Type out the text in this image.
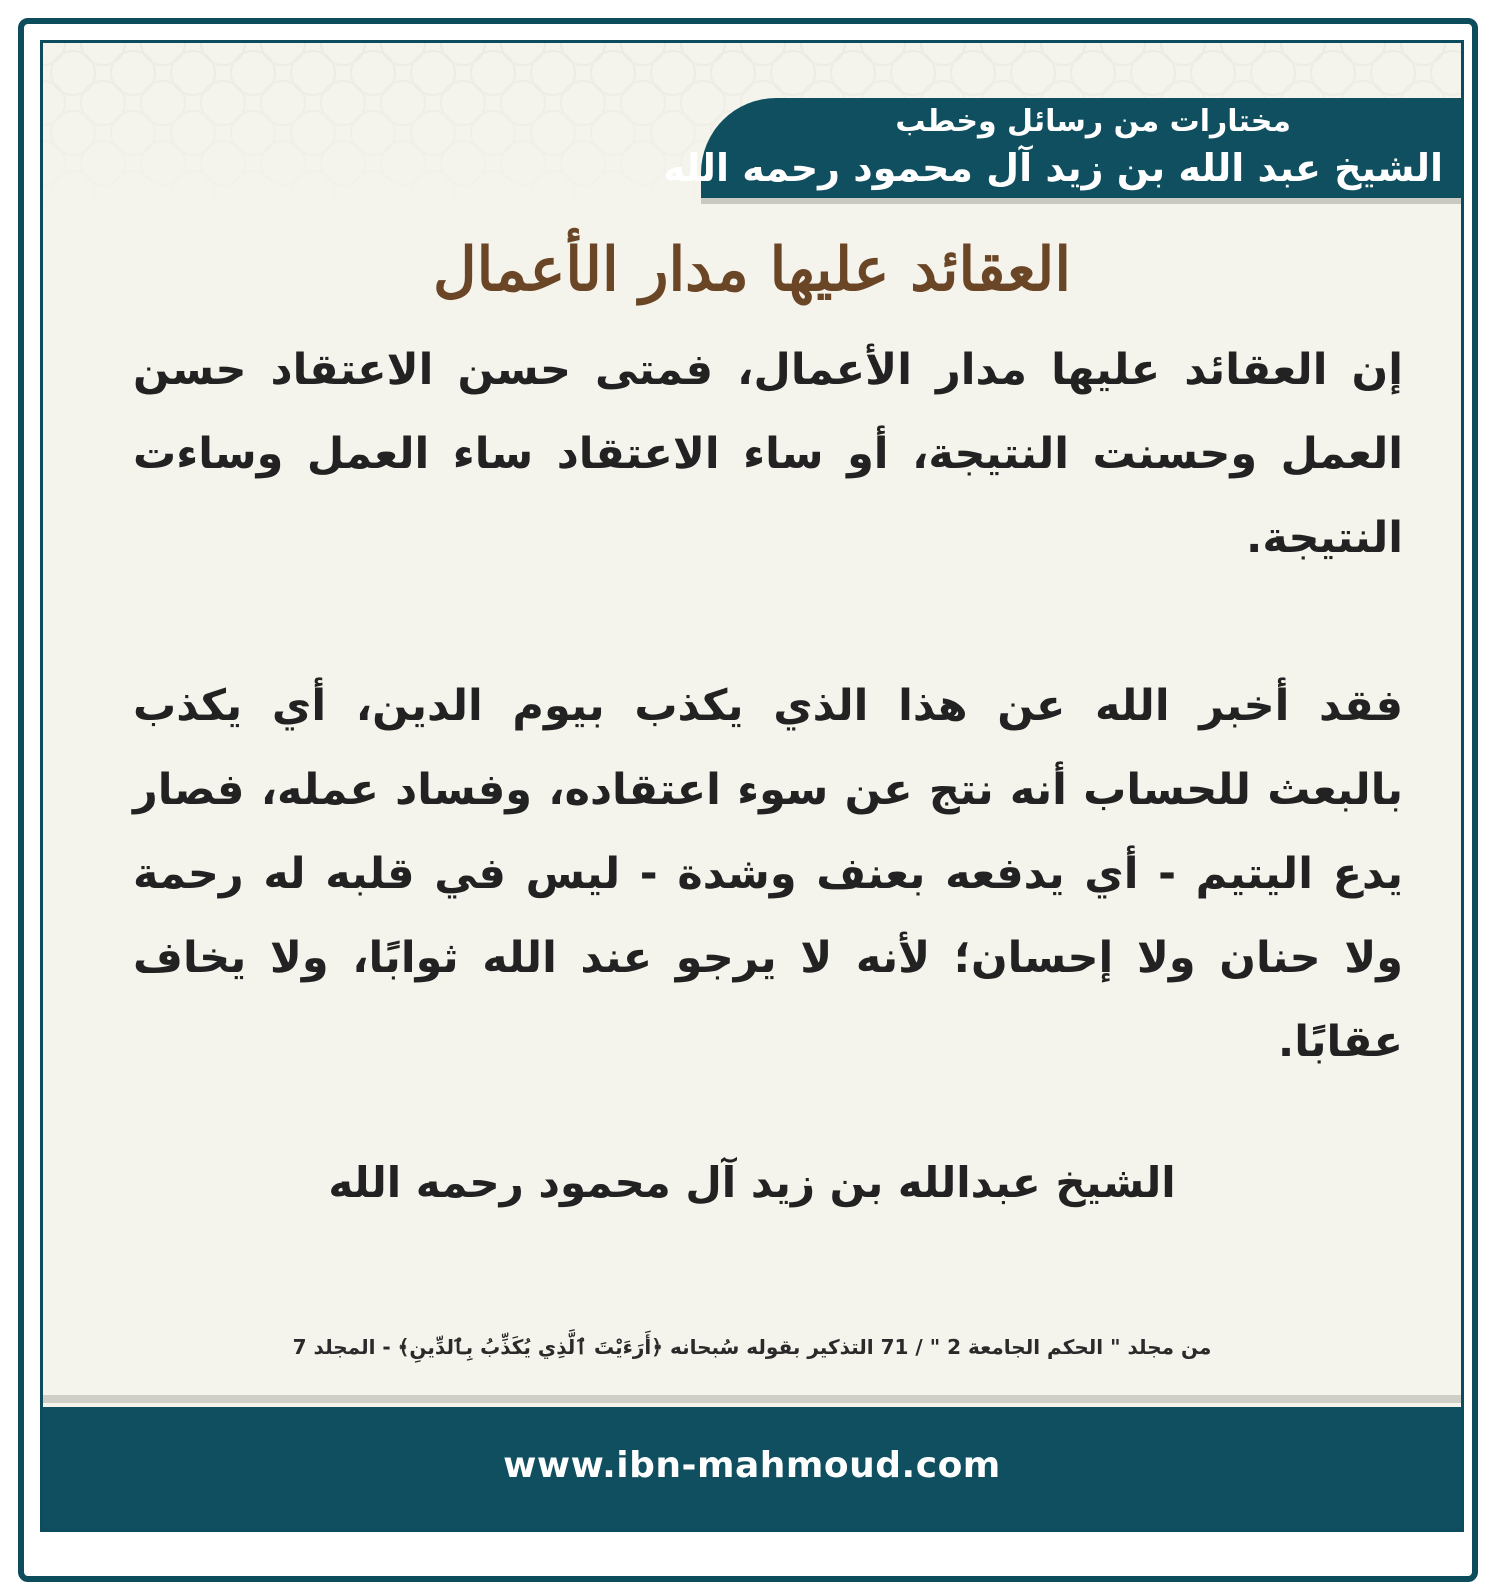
مختارات من رسائل وخطب
الشيخ عبد الله بن زيد آل محمود رحمه الله
العقائد عليها مدار الأعمال

إن العقائد عليها مدار الأعمال، فمتى حسن الاعتقاد حسن العمل وحسنت النتيجة، أو ساء الاعتقاد ساء العمل وساءت النتيجة.

فقد أخبر الله عن هذا الذي يكذب بيوم الدين، أي يكذب بالبعث للحساب أنه نتج عن سوء اعتقاده، وفساد عمله، فصار يدع اليتيم - أي يدفعه بعنف وشدة - ليس في قلبه له رحمة ولا حنان ولا إحسان؛ لأنه لا يرجو عند الله ثوابًا، ولا يخاف عقابًا.

الشيخ عبدالله بن زيد آل محمود رحمه الله
من مجلد " الحكم الجامعة 2 " / 71 التذكير بقوله سُبحانه ﴿أَرَءَيْتَ ٱلَّذِي يُكَذِّبُ بِٱلدِّينِ﴾ - المجلد 7
www.ibn-mahmoud.com
